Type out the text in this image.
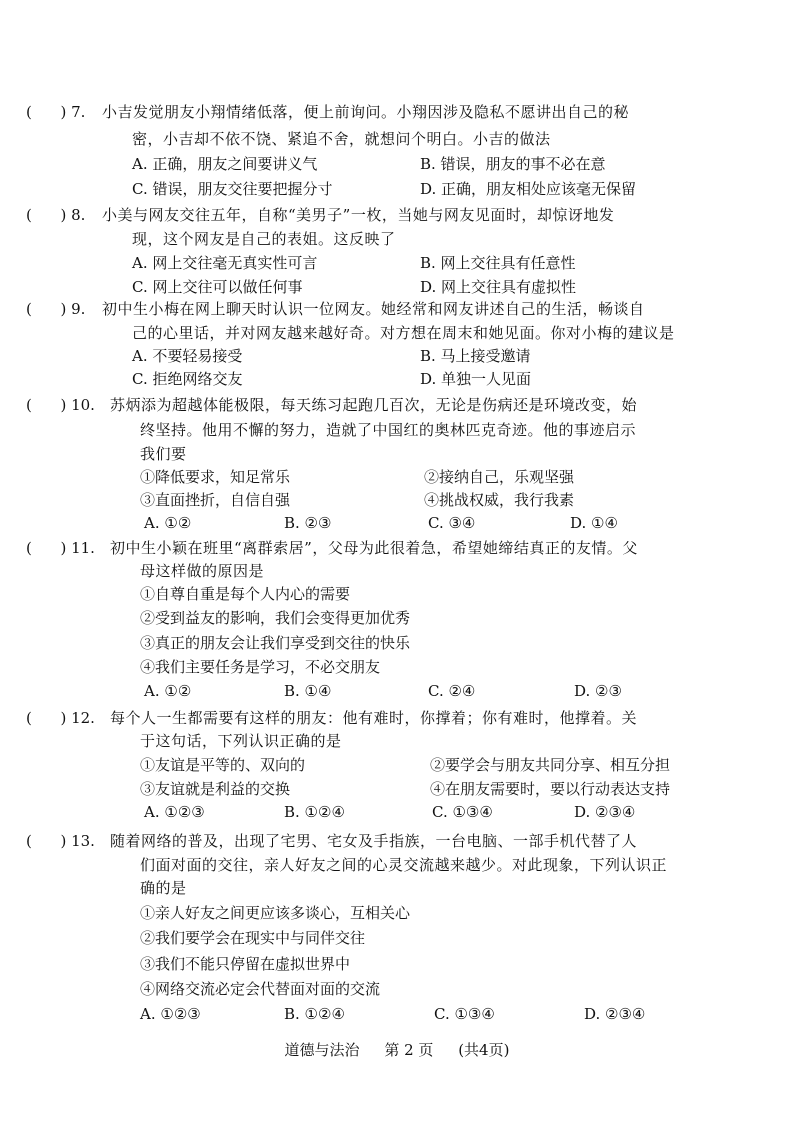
(      ) 7.	小吉发觉朋友小翔情绪低落，便上前询问。小翔因涉及隐私不愿讲出自己的秘
密，小吉却不依不饶、紧追不舍，就想问个明白。小吉的做法
A. 正确，朋友之间要讲义气	B. 错误，朋友的事不必在意
C. 错误，朋友交往要把握分寸	D. 正确，朋友相处应该毫无保留
(      ) 8.	小美与网友交往五年，自称“美男子”一枚，当她与网友见面时，却惊讶地发
现，这个网友是自己的表姐。这反映了
A. 网上交往毫无真实性可言	B. 网上交往具有任意性
C. 网上交往可以做任何事	D. 网上交往具有虚拟性
(      ) 9.	初中生小梅在网上聊天时认识一位网友。她经常和网友讲述自己的生活，畅谈自
己的心里话，并对网友越来越好奇。对方想在周末和她见面。你对小梅的建议是
A. 不要轻易接受	B. 马上接受邀请
C. 拒绝网络交友	D. 单独一人见面
(      ) 10.	苏炳添为超越体能极限，每天练习起跑几百次，无论是伤病还是环境改变，始
终坚持。他用不懈的努力，造就了中国红的奥林匹克奇迹。他的事迹启示
我们要
①降低要求，知足常乐	②接纳自己，乐观坚强
③直面挫折，自信自强	④挑战权威，我行我素
A. ①②	B. ②③	C. ③④	D. ①④
(      ) 11.	初中生小颖在班里“离群索居”，父母为此很着急，希望她缔结真正的友情。父
母这样做的原因是
①自尊自重是每个人内心的需要
②受到益友的影响，我们会变得更加优秀
③真正的朋友会让我们享受到交往的快乐
④我们主要任务是学习，不必交朋友
A. ①②	B. ①④	C. ②④	D. ②③
(      ) 12.	每个人一生都需要有这样的朋友：他有难时，你撑着；你有难时，他撑着。关
于这句话，下列认识正确的是
①友谊是平等的、双向的	②要学会与朋友共同分享、相互分担
③友谊就是利益的交换	④在朋友需要时，要以行动表达支持
A. ①②③	B. ①②④	C. ①③④	D. ②③④
(      ) 13.	随着网络的普及，出现了宅男、宅女及手指族，一台电脑、一部手机代替了人
们面对面的交往，亲人好友之间的心灵交流越来越少。对此现象，下列认识正
确的是
①亲人好友之间更应该多谈心，互相关心
②我们要学会在现实中与同伴交往
③我们不能只停留在虚拟世界中
④网络交流必定会代替面对面的交流
A. ①②③	B. ①②④	C. ①③④	D. ②③④
道德与法治 第 2 页 (共4页)
